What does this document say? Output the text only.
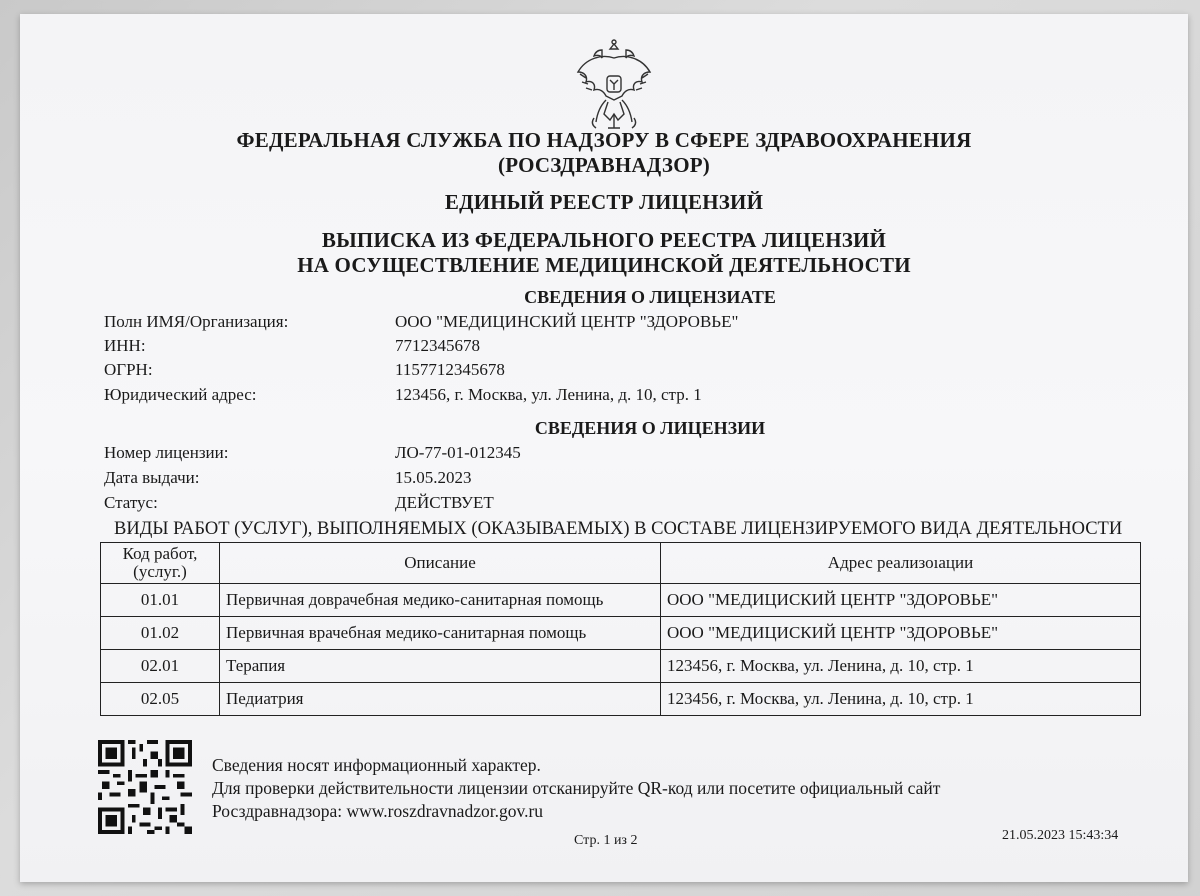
ФЕДЕРАЛЬНАЯ СЛУЖБА ПО НАДЗОРУ В СФЕРЕ ЗДРАВООХРАНЕНИЯ
(РОСЗДРАВНАДЗОР)
ЕДИНЫЙ РЕЕСТР ЛИЦЕНЗИЙ
ВЫПИСКА ИЗ ФЕДЕРАЛЬНОГО РЕЕСТРА ЛИЦЕНЗИЙ
НА ОСУЩЕСТВЛЕНИЕ МЕДИЦИНСКОЙ ДЕЯТЕЛЬНОСТИ
СВЕДЕНИЯ О ЛИЦЕНЗИАТЕ
Полн ИМЯ/Организация:	ООО "МЕДИЦИНСКИЙ ЦЕНТР "ЗДОРОВЬЕ"
ИНН:	7712345678
ОГРН:	1157712345678
Юридический адрес:	123456, г. Москва, ул. Ленина, д. 10, стр. 1
СВЕДЕНИЯ О ЛИЦЕНЗИИ
Номер лицензии:	ЛО-77-01-012345
Дата выдачи:	15.05.2023
Статус:	ДЕЙСТВУЕТ
ВИДЫ РАБОТ (УСЛУГ), ВЫПОЛНЯЕМЫХ (ОКАЗЫВАЕМЫХ) В СОСТАВЕ ЛИЦЕНЗИРУЕМОГО ВИДА ДЕЯТЕЛЬНОСТИ
Код работ, (услуг.)	Описание	Адрес реализоıации
01.01	Первичная доврачебная медико-санитарная помощь	ООО "МЕДИЦИСКИЙ ЦЕНТР "ЗДОРОВЬЕ"
01.02	Первичная врачебная медико-санитарная помощь	ООО "МЕДИЦИСКИЙ ЦЕНТР "ЗДОРОВЬЕ"
02.01	Терапия	123456, г. Москва, ул. Ленина, д. 10, стр. 1
02.05	Педиатрия	123456, г. Москва, ул. Ленина, д. 10, стр. 1
Сведения носят информационный характер.
Для проверки действительности лицензии отсканируйте QR-код или посетите официальный сайт
Росздравнадзора: www.roszdravnadzor.gov.ru
Стр. 1 из 2	21.05.2023 15:43:34
